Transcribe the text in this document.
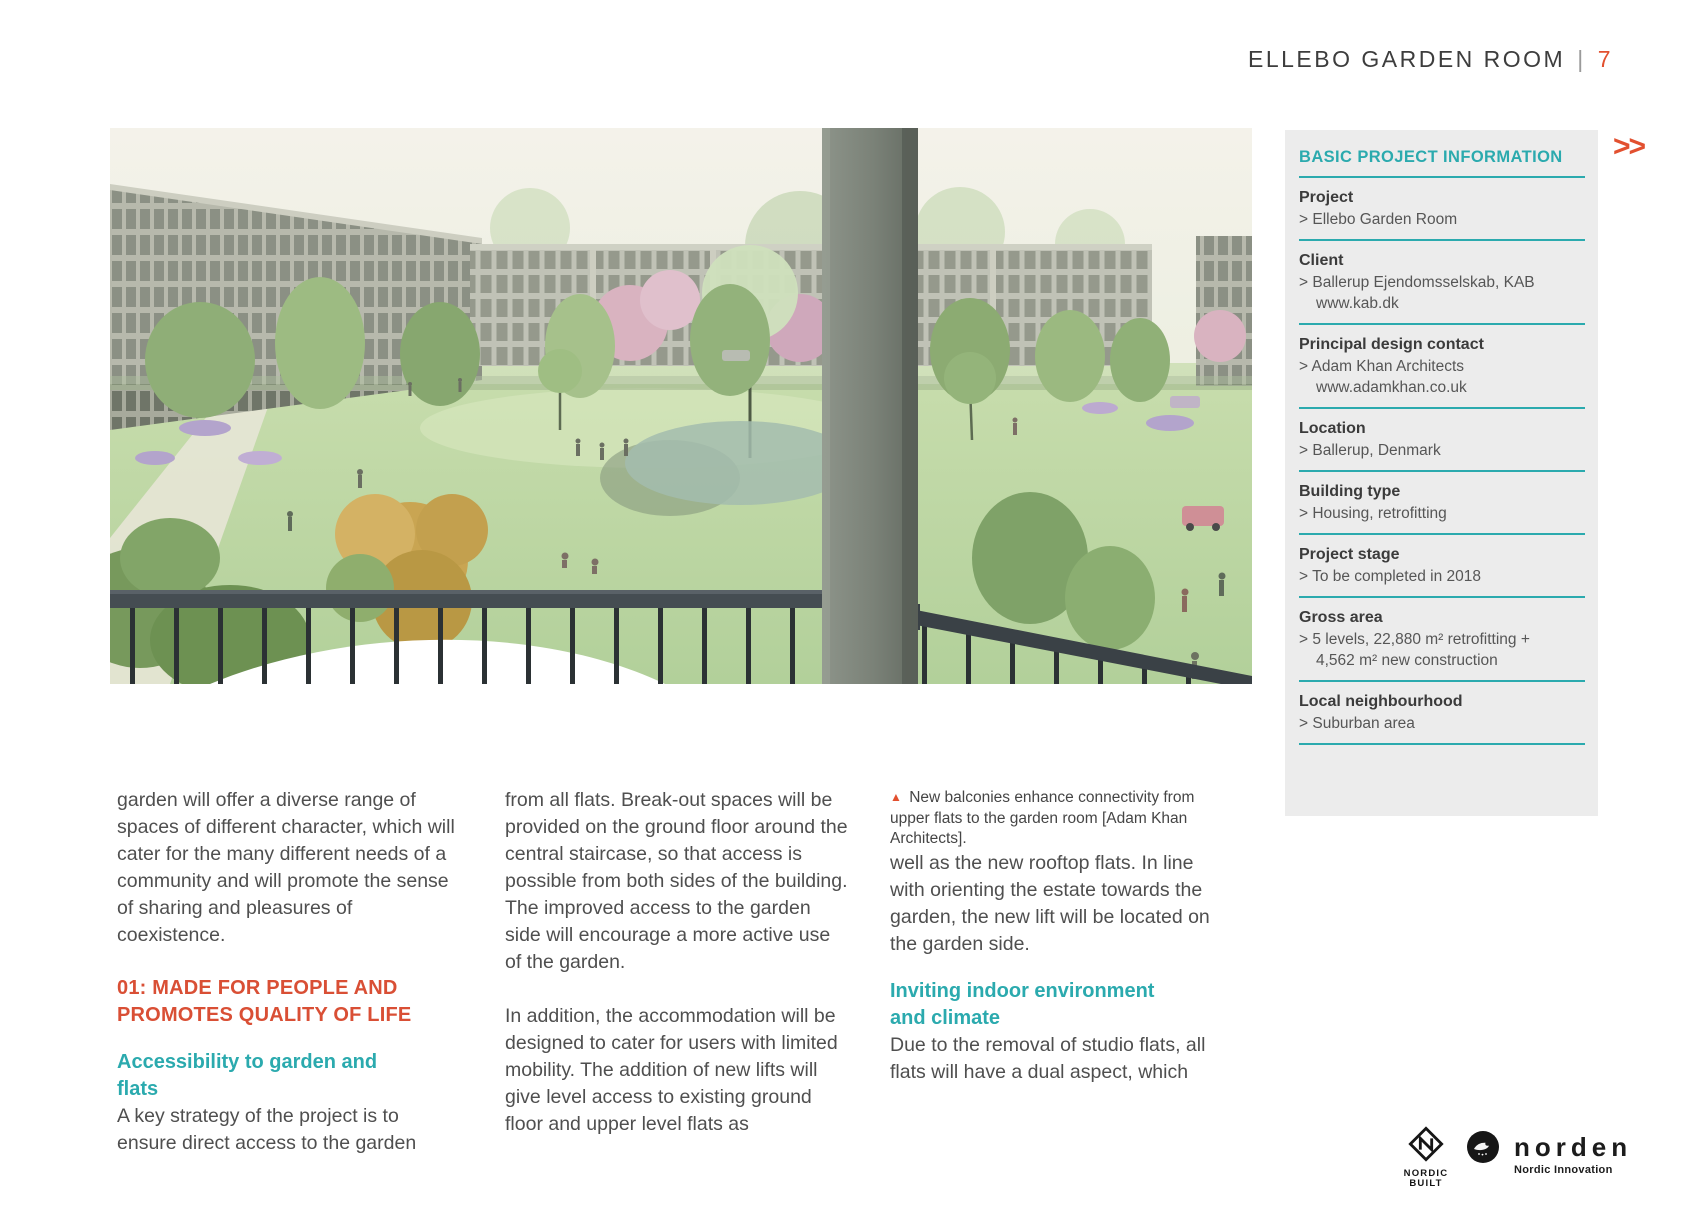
ELLEBO GARDEN ROOM | 7
>>
BASIC PROJECT INFORMATION
Project
> Ellebo Garden Room
Client
> Ballerup Ejendomsselskab, KAB
www.kab.dk
Principal design contact
> Adam Khan Architects
www.adamkhan.co.uk
Location
> Ballerup, Denmark
Building type
> Housing, retrofitting
Project stage
> To be completed in 2018
Gross area
> 5 levels, 22,880 m² retrofitting +
4,562 m² new construction
Local neighbourhood
> Suburban area

garden will offer a diverse range of spaces of different character, which will cater for the many different needs of a community and will promote the sense of sharing and pleasures of coexistence.

01: MADE FOR PEOPLE AND PROMOTES QUALITY OF LIFE
Accessibility to garden and flats

A key strategy of the project is to ensure direct access to the garden

from all flats. Break-out spaces will be provided on the ground floor around the central staircase, so that access is possible from both sides of the building. The improved access to the garden side will encourage a more active use of the garden.

In addition, the accommodation will be designed to cater for users with limited mobility. The addition of new lifts will give level access to existing ground floor and upper level flats as

▲ New balconies enhance connectivity from upper flats to the garden room [Adam Khan Architects].

well as the new rooftop flats. In line with orienting the estate towards the garden, the new lift will be located on the garden side.

Inviting indoor environment and climate

Due to the removal of studio flats, all flats will have a dual aspect, which

NORDIC
BUILT
norden
Nordic Innovation
